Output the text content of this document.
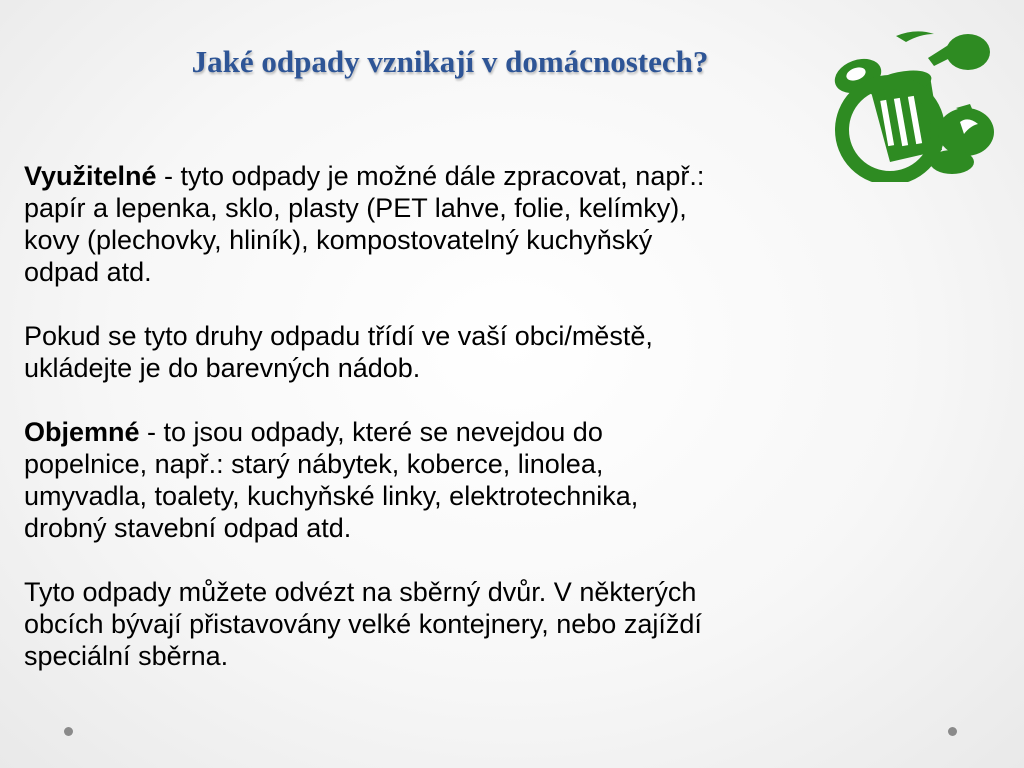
Jaké odpady vznikají v domácnostech?

Využitelné - tyto odpady je možné dále zpracovat, např.:
papír a lepenka, sklo, plasty (PET lahve, folie, kelímky),
kovy (plechovky, hliník), kompostovatelný kuchyňský
odpad atd.

Pokud se tyto druhy odpadu třídí ve vaší obci/městě,
ukládejte je do barevných nádob.

Objemné - to jsou odpady, které se nevejdou do
popelnice, např.: starý nábytek, koberce, linolea,
umyvadla, toalety, kuchyňské linky, elektrotechnika,
drobný stavební odpad atd.

Tyto odpady můžete odvézt na sběrný dvůr. V některých
obcích bývají přistavovány velké kontejnery, nebo zajíždí
speciální sběrna.
